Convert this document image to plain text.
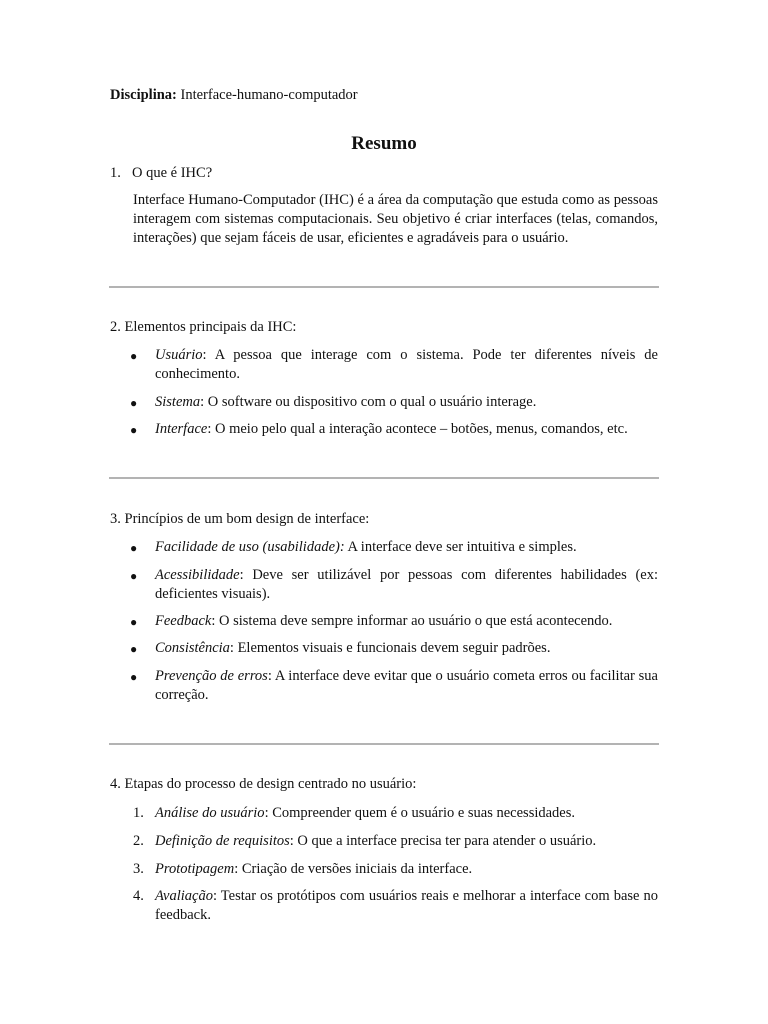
Disciplina: Interface-humano-computador
Resumo
1. O que é IHC?
Interface Humano-Computador (IHC) é a área da computação que estuda como as pessoas interagem com sistemas computacionais. Seu objetivo é criar interfaces (telas, comandos, interações) que sejam fáceis de usar, eficientes e agradáveis para o usuário.
2. Elementos principais da IHC:
● Usuário: A pessoa que interage com o sistema. Pode ter diferentes níveis de conhecimento.
● Sistema: O software ou dispositivo com o qual o usuário interage.
● Interface: O meio pelo qual a interação acontece – botões, menus, comandos, etc.
3. Princípios de um bom design de interface:
● Facilidade de uso (usabilidade): A interface deve ser intuitiva e simples.
● Acessibilidade: Deve ser utilizável por pessoas com diferentes habilidades (ex: deficientes visuais).
● Feedback: O sistema deve sempre informar ao usuário o que está acontecendo.
● Consistência: Elementos visuais e funcionais devem seguir padrões.
● Prevenção de erros: A interface deve evitar que o usuário cometa erros ou facilitar sua correção.
4. Etapas do processo de design centrado no usuário:
1. Análise do usuário: Compreender quem é o usuário e suas necessidades.
2. Definição de requisitos: O que a interface precisa ter para atender o usuário.
3. Prototipagem: Criação de versões iniciais da interface.
4. Avaliação: Testar os protótipos com usuários reais e melhorar a interface com base no feedback.
